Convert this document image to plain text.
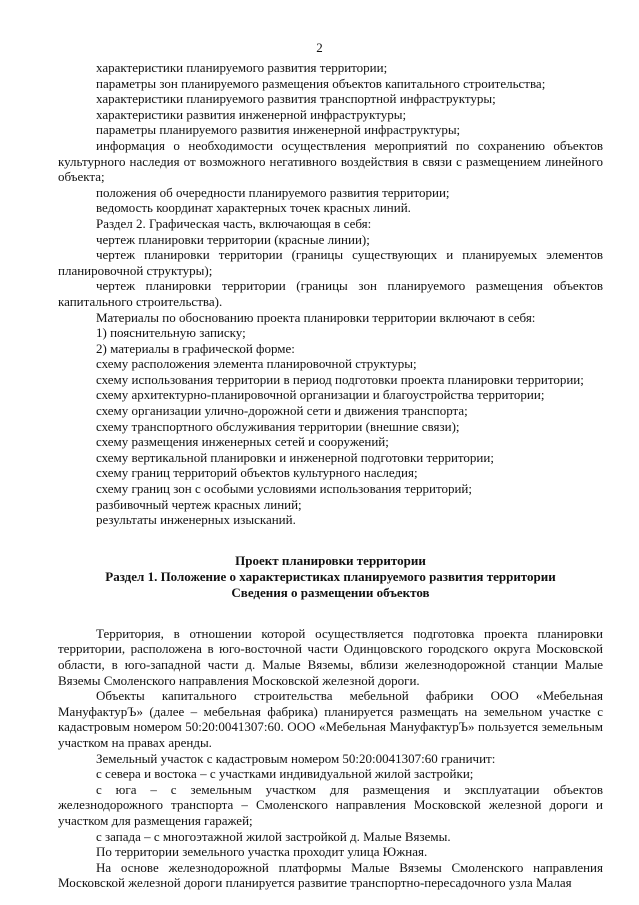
2

характеристики планируемого развития территории;

параметры зон планируемого размещения объектов капитального строительства;

характеристики планируемого развития транспортной инфраструктуры;

характеристики развития инженерной инфраструктуры;

параметры планируемого развития инженерной инфраструктуры;

информация о необходимости осуществления мероприятий по сохранению объектов культурного наследия от возможного негативного воздействия в связи с размещением линейного объекта;

положения об очередности планируемого развития территории;

ведомость координат характерных точек красных линий.

Раздел 2. Графическая часть, включающая в себя:

чертеж планировки территории (красные линии);

чертеж планировки территории (границы существующих и планируемых элементов планировочной структуры);

чертеж планировки территории (границы зон планируемого размещения объектов капитального строительства).

Материалы по обоснованию проекта планировки территории включают в себя:

1) пояснительную записку;

2) материалы в графической форме:

схему расположения элемента планировочной структуры;

схему использования территории в период подготовки проекта планировки территории;

схему архитектурно-планировочной организации и благоустройства территории;

схему организации улично-дорожной сети и движения транспорта;

схему транспортного обслуживания территории (внешние связи);

схему размещения инженерных сетей и сооружений;

схему вертикальной планировки и инженерной подготовки территории;

схему границ территорий объектов культурного наследия;

схему границ зон с особыми условиями использования территорий;

разбивочный чертеж красных линий;

результаты инженерных изысканий.

Проект планировки территории

Раздел 1. Положение о характеристиках планируемого развития территории

Сведения о размещении объектов

Территория, в отношении которой осуществляется подготовка проекта планировки территории, расположена в юго-восточной части Одинцовского городского округа Московской области, в юго-западной части д. Малые Вяземы, вблизи железнодорожной станции Малые Вяземы Смоленского направления Московской железной дороги.

Объекты капитального строительства мебельной фабрики ООО «Мебельная МануфактурЪ» (далее – мебельная фабрика) планируется размещать на земельном участке с кадастровым номером 50:20:0041307:60. ООО «Мебельная МануфактурЪ» пользуется земельным участком на правах аренды.

Земельный участок с кадастровым номером 50:20:0041307:60 граничит:

с севера и востока – с участками индивидуальной жилой застройки;

с юга – с земельным участком для размещения и эксплуатации объектов железнодорожного транспорта – Смоленского направления Московской железной дороги и участком для размещения гаражей;

с запада – с многоэтажной жилой застройкой д. Малые Вяземы.

По территории земельного участка проходит улица Южная.

На основе железнодорожной платформы Малые Вяземы Смоленского направления Московской железной дороги планируется развитие транспортно-пересадочного узла Малая
